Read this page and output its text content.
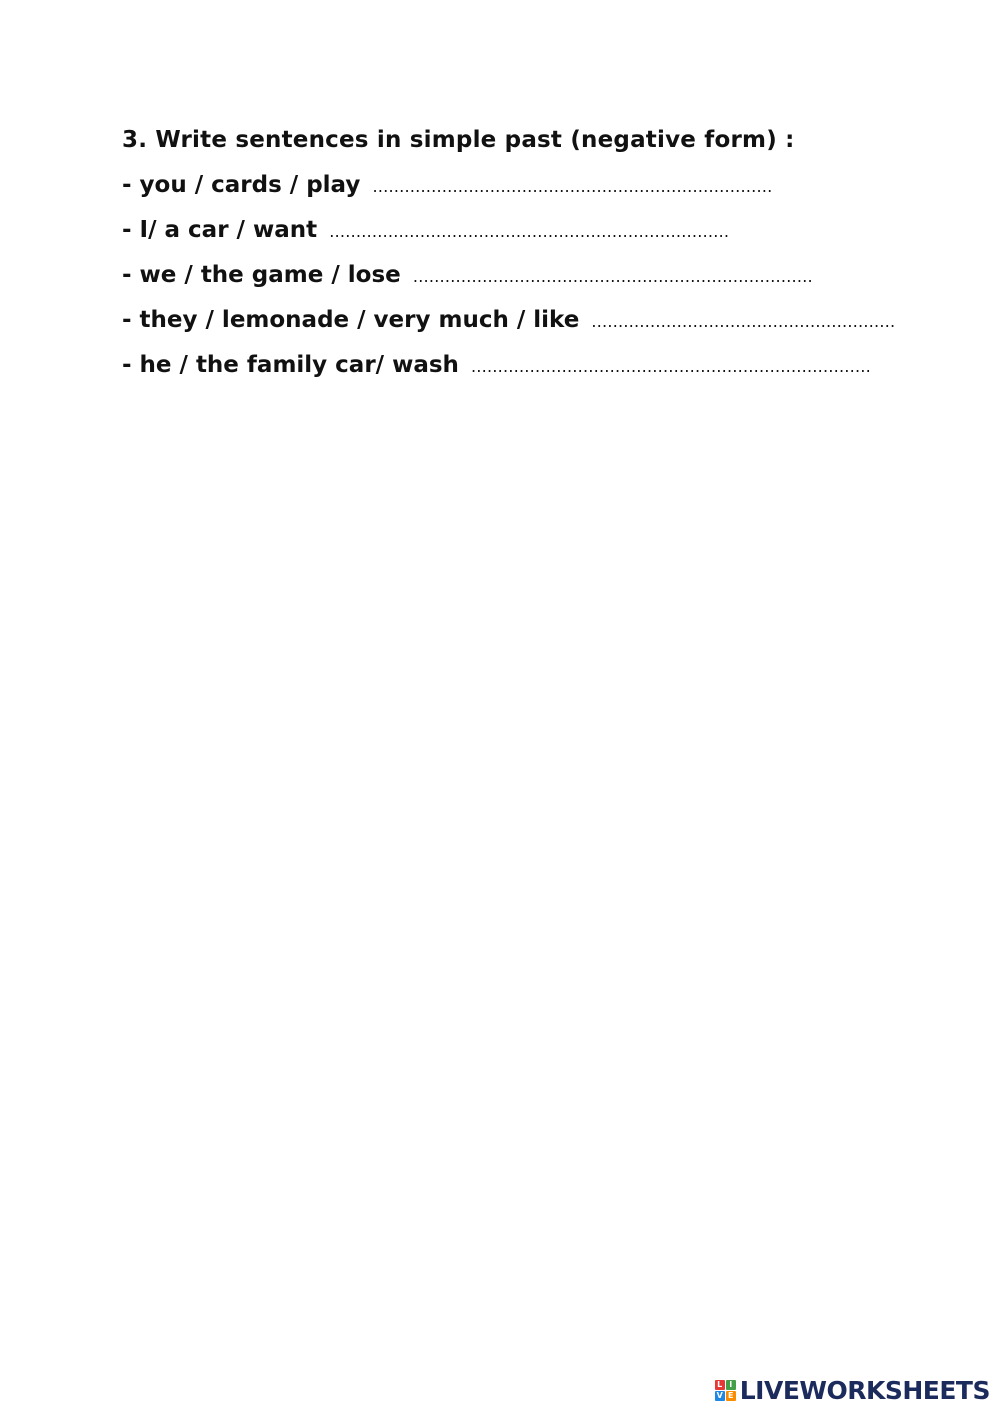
3. Write sentences in simple past (negative form) :
- you / cards / play …………………………………………………………………
- I/ a car / want …………………………………………………………………
- we / the game / lose …………………………………………………………………
- they / lemonade / very much / like …………………………………………………
- he / the family car/ wash …………………………………………………………………
L I
V E LIVEWORKSHEETS
